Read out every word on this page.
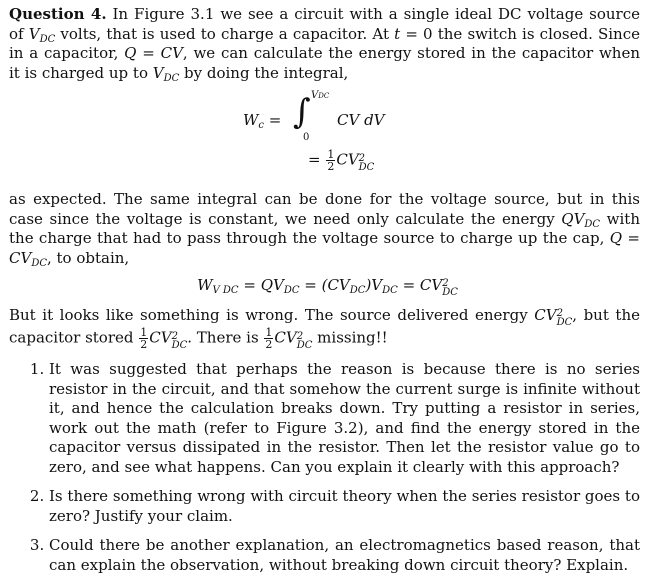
Question 4. In Figure 3.1 we see a circuit with a single ideal DC voltage source of $V_{DC}$ volts, that is used to charge a capacitor. At t = 0 the switch is closed. Since in a capacitor, Q = CV, we can calculate the energy stored in the capacitor when it is charged up to $V_{DC}$ by doing the integral,

$W_c$ = ∫ VDC
0
CV dV
= $\frac{1}{2}$ CV 2
DC

as expected. The same integral can be done for the voltage source, but in this case since the voltage is constant, we need only calculate the energy $QV_{DC}$ with the charge that had to pass through the voltage source to charge up the cap, $Q = CV_{DC}$, to obtain,

$W_{V DC} = QV_{DC} = (CV_{DC})V_{DC}$ = CV 2
DC

But it looks like something is wrong. The source delivered energy CV 2
DC , but the capacitor stored $\frac{1}{2}$ CV 2
DC . There is $\frac{1}{2}$ CV 2
DC missing!!

1. It was suggested that perhaps the reason is because there is no series resistor in the circuit, and that somehow the current surge is infinite without it, and hence the calculation breaks down. Try putting a resistor in series, work out the math (refer to Figure 3.2), and find the energy stored in the capacitor versus dissipated in the resistor. Then let the resistor value go to zero, and see what happens. Can you explain it clearly with this approach?
2. Is there something wrong with circuit theory when the series resistor goes to zero? Justify your claim.
3. Could there be another explanation, an electromagnetics based reason, that can explain the observation, without breaking down circuit theory? Explain.
